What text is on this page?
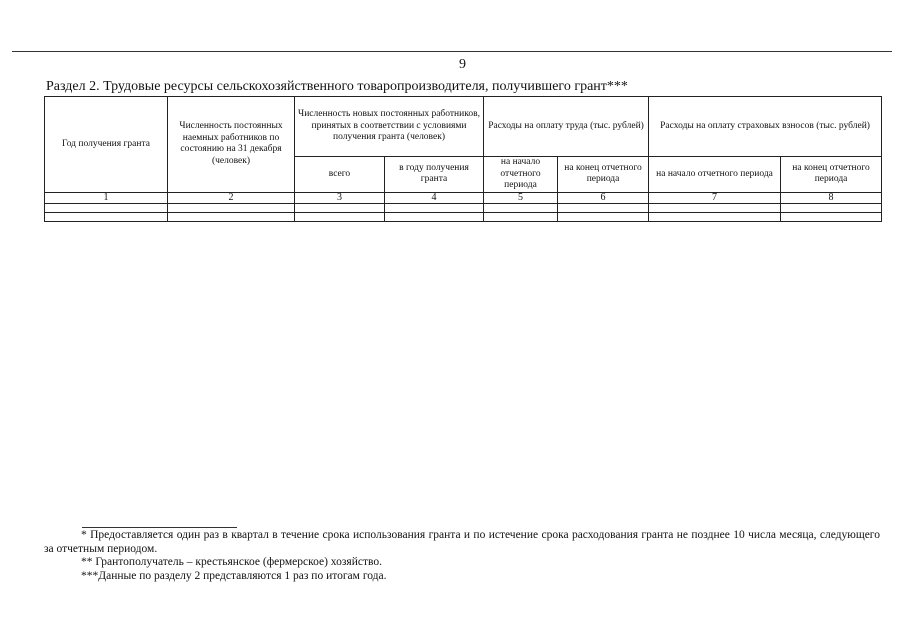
9
Раздел 2. Трудовые ресурсы сельскохозяйственного товаропроизводителя, получившего грант***
Год получения гранта	Численность постоянных наемных работников по состоянию на 31 декабря (человек)	Численность новых постоянных работников, принятых в соответствии с условиями получения гранта (человек)		Расходы на оплату труда (тыс. рублей)		Расходы на оплату страховых взносов (тыс. рублей)	
		всего	в году получения гранта	на начало отчетного периода	на конец отчетного периода	на начало отчетного периода	на конец отчетного периода
1	2	3	4	5	6	7	8

* Предоставляется один раз в квартал в течение срока использования гранта и по истечение срока расходования гранта не позднее 10 числа месяца, следующего за отчетным периодом.

** Грантополучатель – крестьянское (фермерское) хозяйство.

***Данные по разделу 2 представляются 1 раз по итогам года.
